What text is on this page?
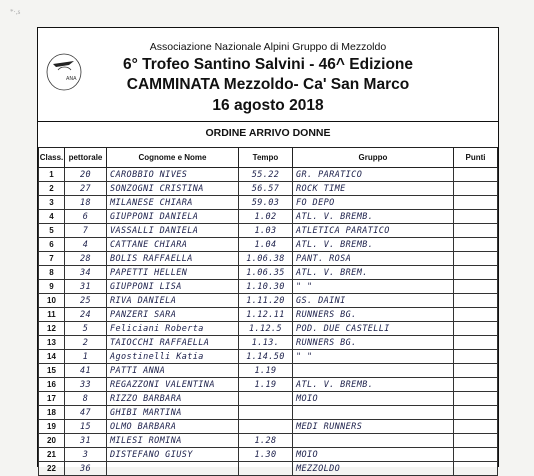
*·,s
ANA
Associazione Nazionale Alpini Gruppo di Mezzoldo
6° Trofeo Santino Salvini - 46^ Edizione
CAMMINATA Mezzoldo- Ca' San Marco
16 agosto 2018
ORDINE ARRIVO DONNE
Class.	pettorale	Cognome e Nome	Tempo	Gruppo	Punti
1	20	CAROBBIO NIVES	55.22	GR. PARATICO	
2	27	SONZOGNI CRISTINA	56.57	ROCK TIME	
3	18	MILANESE CHIARA	59.03	FO DEPO	
4	6	GIUPPONI DANIELA	1.02	ATL. V. BREMB.	
5	7	VASSALLI DANIELA	1.03	ATLETICA PARATICO	
6	4	CATTANE CHIARA	1.04	ATL. V. BREMB.	
7	28	BOLIS RAFFAELLA	1.06.38	PANT. ROSA	
8	34	PAPETTI HELLEN	1.06.35	ATL. V. BREM.	
9	31	GIUPPONI LISA	1.10.30	" "	
10	25	RIVA DANIELA	1.11.20	GS. DAINI	
11	24	PANZERI SARA	1.12.11	RUNNERS BG.	
12	5	Feliciani Roberta	1.12.5	POD. DUE CASTELLI	
13	2	TAIOCCHI RAFFAELLA	1.13.	RUNNERS BG.	
14	1	Agostinelli Katia	1.14.50	" "	
15	41	PATTI ANNA	1.19		
16	33	REGAZZONI VALENTINA	1.19	ATL. V. BREMB.	
17	8	RIZZO BARBARA		MOIO	
18	47	GHIBI MARTINA			
19	15	OLMO BARBARA		MEDI RUNNERS	
20	31	MILESI ROMINA	1.28		
21	3	DISTEFANO GIUSY	1.30	MOIO	
22	36			MEZZOLDO	
